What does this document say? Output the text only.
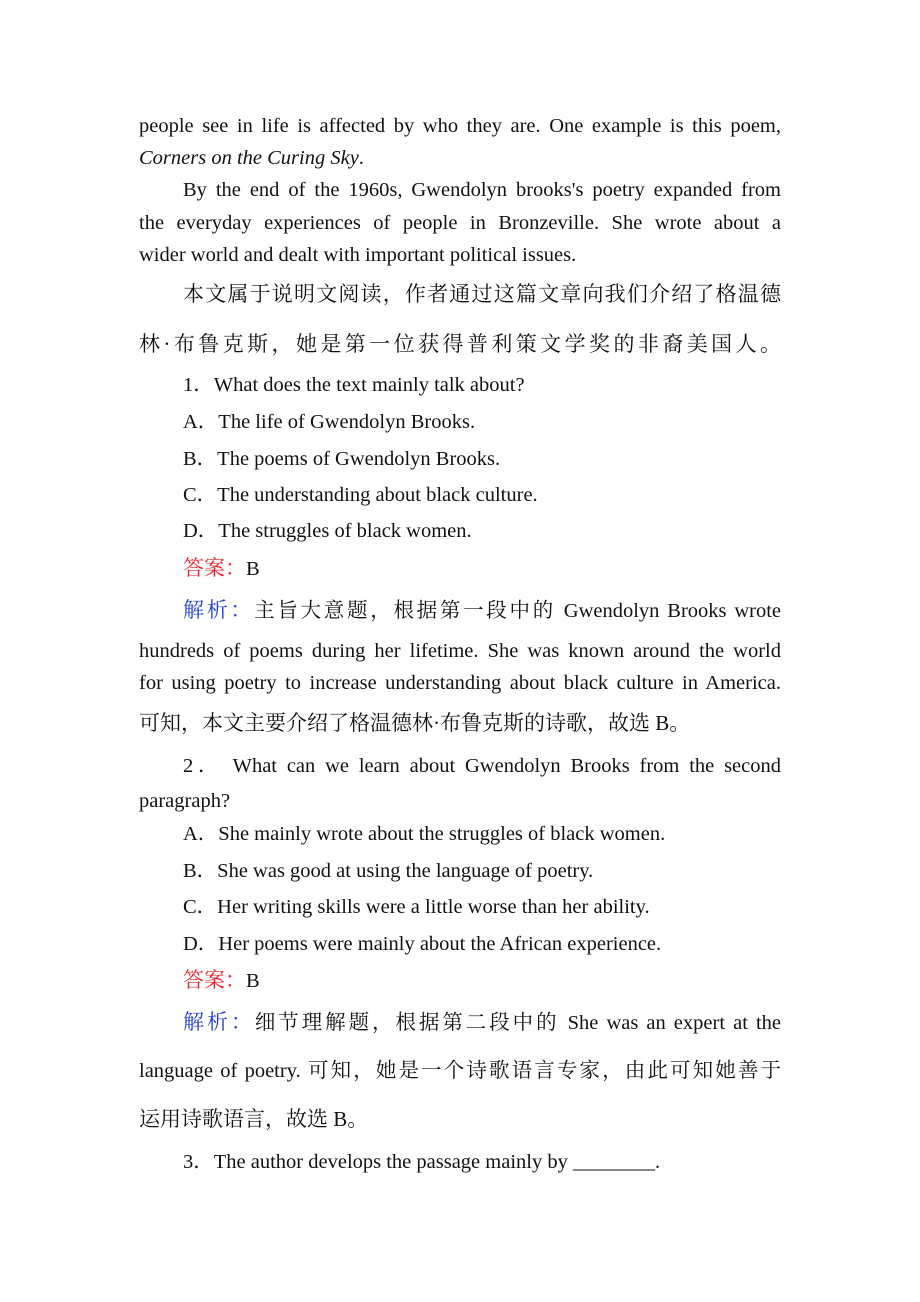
people see in life is affected by who they are. One example is this poem,
Corners on the Curing Sky.
By the end of the 1960s, Gwendolyn brooks's poetry expanded from
the everyday experiences of people in Bronzeville. She wrote about a
wider world and dealt with important political issues.
本文属于说明文阅读，作者通过这篇文章向我们介绍了格温德
林·布鲁克斯，她是第一位获得普利策文学奖的非裔美国人。
1．What does the text mainly talk about?
A．The life of Gwendolyn Brooks.
B．The poems of Gwendolyn Brooks.
C．The understanding about black culture.
D．The struggles of black women.
答案：B
解析：主旨大意题，根据第一段中的 Gwendolyn Brooks wrote
hundreds of poems during her lifetime. She was known around the world
for using poetry to increase understanding about black culture in America.
可知，本文主要介绍了格温德林·布鲁克斯的诗歌，故选 B。
2． What can we learn about Gwendolyn Brooks from the second
paragraph?
A．She mainly wrote about the struggles of black women.
B．She was good at using the language of poetry.
C．Her writing skills were a little worse than her ability.
D．Her poems were mainly about the African experience.
答案：B
解析：细节理解题，根据第二段中的 She was an expert at the
language of poetry. 可知，她是一个诗歌语言专家，由此可知她善于
运用诗歌语言，故选 B。
3．The author develops the passage mainly by ________.
